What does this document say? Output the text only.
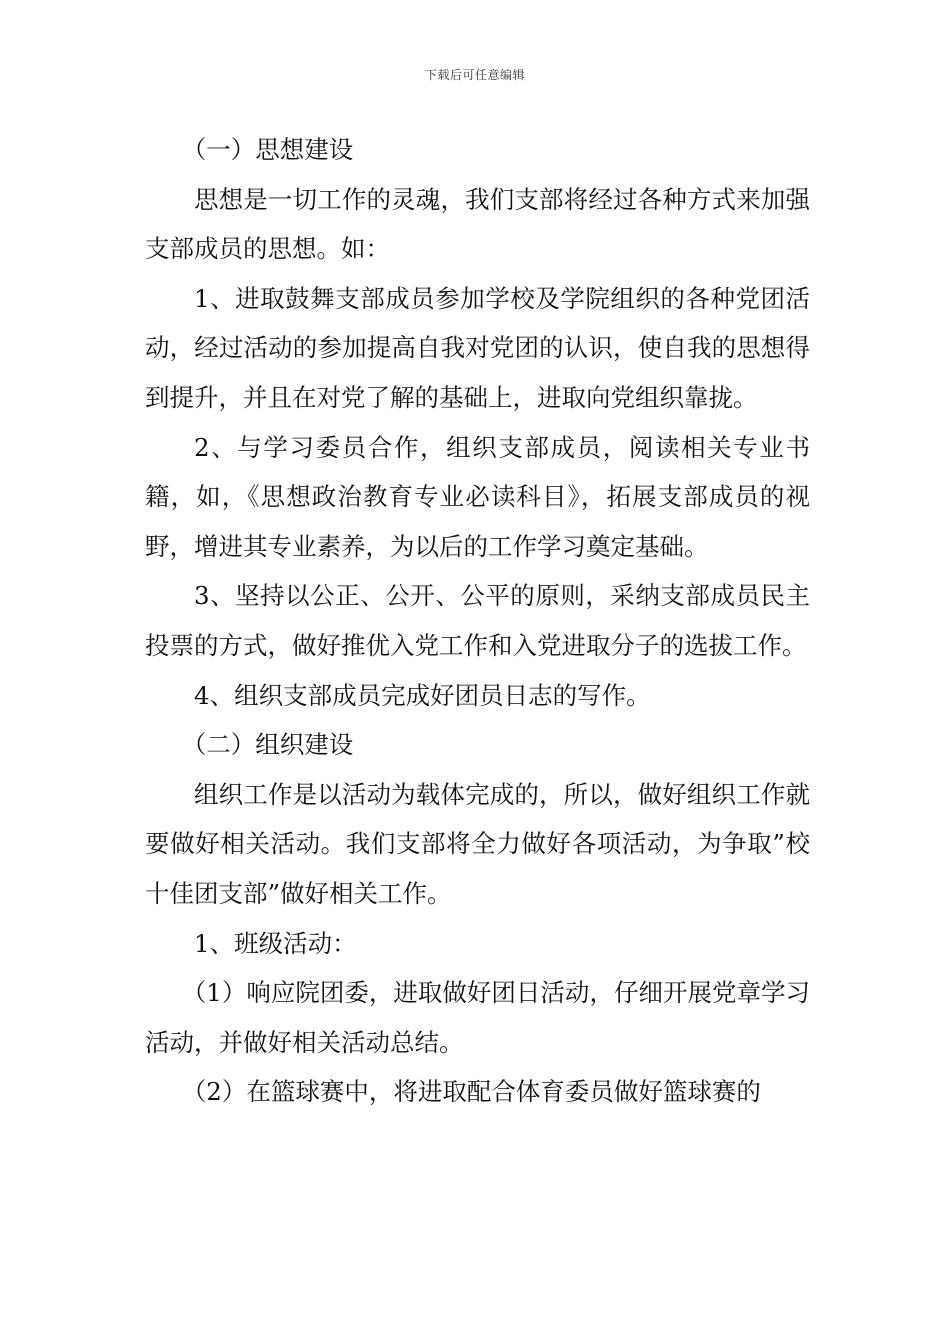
下载后可任意编辑

（一）思想建设

思想是一切工作的灵魂，我们支部将经过各种方式来加强支部成员的思想。如：

1、进取鼓舞支部成员参加学校及学院组织的各种党团活动，经过活动的参加提高自我对党团的认识，使自我的思想得到提升，并且在对党了解的基础上，进取向党组织靠拢。

2、与学习委员合作，组织支部成员，阅读相关专业书籍，如，《思想政治教育专业必读科目》，拓展支部成员的视野，增进其专业素养，为以后的工作学习奠定基础。

3、坚持以公正、公开、公平的原则，采纳支部成员民主投票的方式，做好推优入党工作和入党进取分子的选拔工作。

4、组织支部成员完成好团员日志的写作。

（二）组织建设

组织工作是以活动为载体完成的，所以，做好组织工作就要做好相关活动。我们支部将全力做好各项活动，为争取”校十佳团支部”做好相关工作。

1、班级活动：

（1）响应院团委，进取做好团日活动，仔细开展党章学习活动，并做好相关活动总结。

（2）在篮球赛中，将进取配合体育委员做好篮球赛的
